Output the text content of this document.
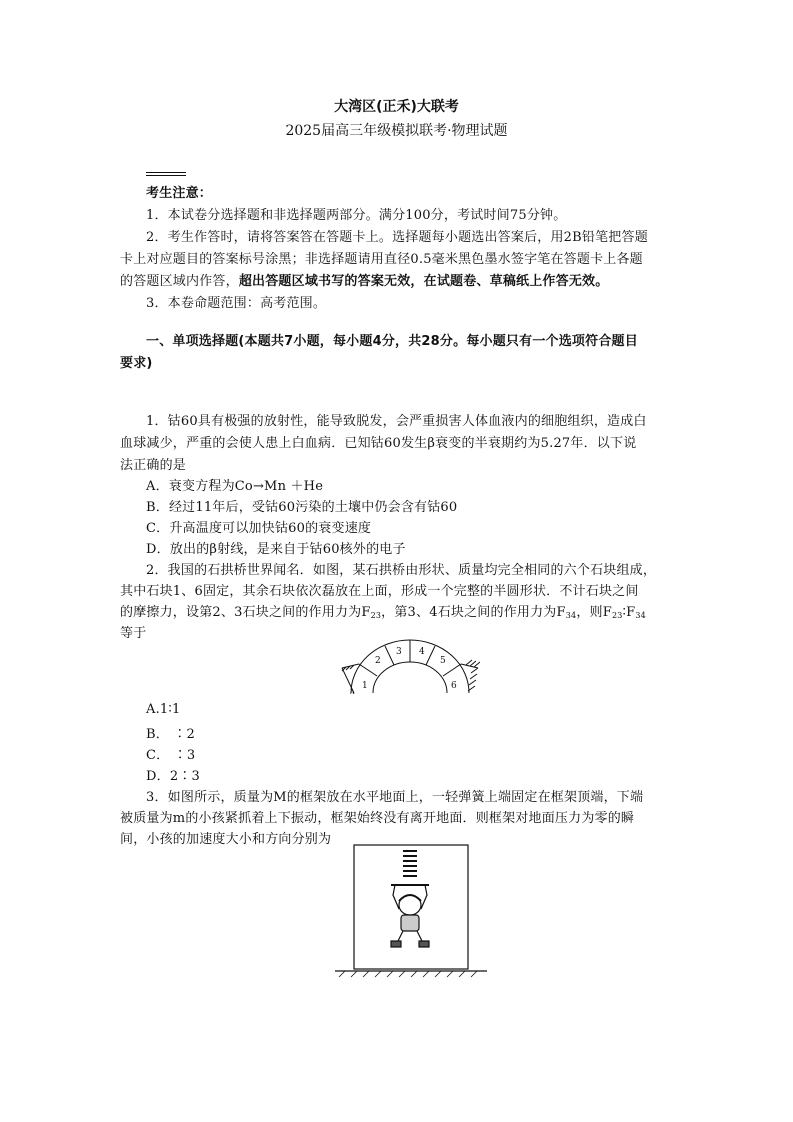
大湾区(正禾)大联考
2025届高三年级模拟联考·物理试题
考生注意：
1．本试卷分选择题和非选择题两部分。满分100分，考试时间75分钟。
2．考生作答时，请将答案答在答题卡上。选择题每小题选出答案后，用2B铅笔把答题
卡上对应题目的答案标号涂黑；非选择题请用直径0.5毫米黑色墨水签字笔在答题卡上各题
的答题区域内作答，超出答题区域书写的答案无效，在试题卷、草稿纸上作答无效。
3．本卷命题范围：高考范围。
一、单项选择题(本题共7小题，每小题4分，共28分。每小题只有一个选项符合题目
要求)
1．钴60具有极强的放射性，能导致脱发，会严重损害人体血液内的细胞组织，造成白
血球减少，严重的会使人患上白血病．已知钴60发生β衰变的半衰期约为5.27年．以下说
法正确的是
A．衰变方程为Co→Mn ＋He
B．经过11年后，受钴60污染的土壤中仍会含有钴60
C．升高温度可以加快钴60的衰变速度
D．放出的β射线，是来自于钴60核外的电子
2．我国的石拱桥世界闻名．如图，某石拱桥由形状、质量均完全相同的六个石块组成，
其中石块1、6固定，其余石块依次磊放在上面，形成一个完整的半圆形状．不计石块之间
的摩擦力，设第2、3石块之间的作用力为$F_{23}$，第3、4石块之间的作用力为$F_{34}$，则$F_{23}∶F_{34}$
等于
1
2
3 4
5
6
A
A.1∶1
B． ∶2
C． ∶3
D．2∶3
3．如图所示，质量为M的框架放在水平地面上，一轻弹簧上端固定在框架顶端，下端
被质量为m的小孩紧抓着上下振动，框架始终没有离开地面．则框架对地面压力为零的瞬
间，小孩的加速度大小和方向分别为
